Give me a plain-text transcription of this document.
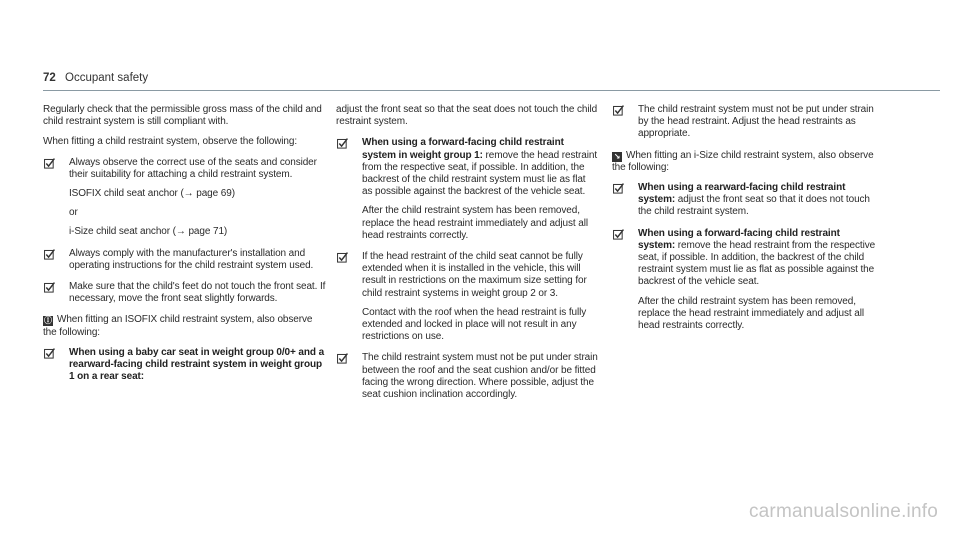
72 Occupant safety

Regularly check that the permissible gross mass of the child and child restraint system is still compliant with.

When fitting a child restraint system, observe the following:

Always observe the correct use of the seats and consider their suitability for attaching a child restraint system.

ISOFIX child seat anchor (→ page 69)

or

i-Size child seat anchor (→ page 71)

Always comply with the manufacturer's installation and operating instructions for the child restraint system used.

Make sure that the child's feet do not touch the front seat. If necessary, move the front seat slightly forwards.

Ⓘ When fitting an ISOFIX child restraint system, also observe the following:

When using a baby car seat in weight group 0/0+ and a rearward-facing child restraint system in weight group 1 on a rear seat:

adjust the front seat so that the seat does not touch the child restraint system.

When using a forward-facing child restraint system in weight group 1: remove the head restraint from the respective seat, if possible. In addition, the backrest of the child restraint system must lie as flat as possible against the backrest of the vehicle seat.

After the child restraint system has been removed, replace the head restraint immediately and adjust all head restraints correctly.

If the head restraint of the child seat cannot be fully extended when it is installed in the vehicle, this will result in restrictions on the maximum size setting for child restraint systems in weight group 2 or 3.

Contact with the roof when the head restraint is fully extended and locked in place will not result in any restrictions on use.

The child restraint system must not be put under strain between the roof and the seat cushion and/or be fitted facing the wrong direction. Where possible, adjust the seat cushion inclination accordingly.

The child restraint system must not be put under strain by the head restraint. Adjust the head restraints as appropriate.

↘ When fitting an i-Size child restraint system, also observe the following:

When using a rearward-facing child restraint system: adjust the front seat so that it does not touch the child restraint system.

When using a forward-facing child restraint system: remove the head restraint from the respective seat, if possible. In addition, the backrest of the child restraint system must lie as flat as possible against the backrest of the vehicle seat.

After the child restraint system has been removed, replace the head restraint immediately and adjust all head restraints correctly.

carmanualsonline.info
